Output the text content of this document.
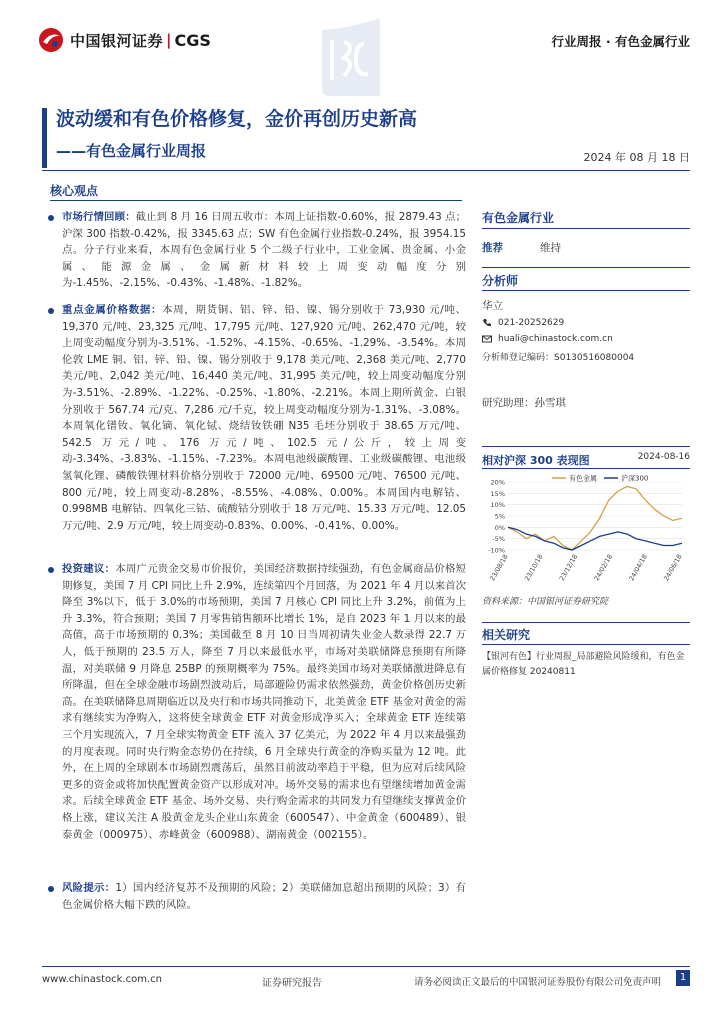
中国银河证券 | CGS	行业周报 · 有色金属行业
波动缓和有色价格修复，金价再创历史新高
——有色金属行业周报	2024 年 08 月 18 日
核心观点
市场行情回顾：截止到 8 月 16 日周五收市：本周上证指数-0.60%，报 2879.43 点；沪深 300 指数-0.42%，报 3345.63 点；SW 有色金属行业指数-0.24%，报 3954.15 点。分子行业来看，本周有色金属行业 5 个二级子行业中，工业金属、贵金属、小金属、能源金属、金属新材料较上周变动幅度分别为-1.45%、-2.15%、-0.43%、-1.48%、-1.82%。
重点金属价格数据：本周，期货铜、铝、锌、铅、镍、锡分别收于 73,930 元/吨、19,370 元/吨、23,325 元/吨、17,795 元/吨、127,920 元/吨、262,470 元/吨，较上周变动幅度分别为-3.51%、-1.52%、-4.15%、-0.65%、-1.29%、-3.54%。本周伦敦 LME 铜、铝、锌、铅、镍、锡分别收于 9,178 美元/吨、2,368 美元/吨、2,770 美元/吨、2,042 美元/吨、16,440 美元/吨、31,995 美元/吨，较上周变动幅度分别为-3.51%、-2.89%、-1.22%、-0.25%、-1.80%、-2.21%。本周上期所黄金、白银分别收于 567.74 元/克、7,286 元/千克，较上周变动幅度分别为-1.31%、-3.08%。本周氧化镨钕、氧化镝、氧化铽、烧结钕铁硼 N35 毛坯分别收于 38.65 万元/吨、542.5 万元/吨、176 万元/吨、102.5 元/公斤，较上周变动-3.34%、-3.83%、-1.15%、-7.23%。本周电池级碳酸锂、工业级碳酸锂、电池级氢氧化锂、磷酸铁锂材料价格分别收于 72000 元/吨、69500 元/吨、76500 元/吨、800 元/吨，较上周变动-8.28%、-8.55%、-4.08%、0.00%。本周国内电解钴、0.998MB 电解钴、四氧化三钴、硫酸钴分别收于 18 万元/吨、15.33 万元/吨、12.05 万元/吨、2.9 万元/吨，较上周变动-0.83%、0.00%、-0.41%、0.00%。
投资建议：本周广元贵金交易市价报价，美国经济数据持续强劲，有色金属商品价格短期修复，美国 7 月 CPI 同比上升 2.9%，连续第四个月回落，为 2021 年 4 月以来首次降至 3%以下，低于 3.0%的市场预期，美国 7 月核心 CPI 同比上升 3.2%，前值为上升 3.3%，符合预期；美国 7 月零售销售额环比增长 1%，是自 2023 年 1 月以来的最高值，高于市场预期的 0.3%；美国截至 8 月 10 日当周初请失业金人数录得 22.7 万人，低于预期的 23.5 万人，降至 7 月以来最低水平，市场对美联储降息预期有所降温，对美联储 9 月降息 25BP 的预期概率为 75%。最终美国市场对美联储激进降息有所降温，但在全球金融市场剧烈波动后，局部避险仍需求依然强劲，黄金价格创历史新高。在美联储降息周期临近以及央行和市场共同推动下，北美黄金 ETF 基金对黄金的需求有继续实为净购入，这将使全球黄金 ETF 对黄金形成净买入；全球黄金 ETF 连续第三个月实现流入，7 月全球实物黄金 ETF 流入 37 亿美元，为 2022 年 4 月以来最强劲的月度表现。同时央行购金态势仍在持续，6 月全球央行黄金的净购买量为 12 吨。此外，在上周的全球剧本市场剧烈震荡后，虽然目前波动率趋于平稳，但为应对后续风险更多的资金或将加快配置黄金资产以形成对冲。场外交易的需求也有望继续增加黄金需求。后续全球黄金 ETF 基金、场外交易、央行购金需求的共同发力有望继续支撑黄金价格上涨，建议关注 A 股黄金龙头企业山东黄金（600547）、中金黄金（600489）、银泰黄金（000975）、赤峰黄金（600988）、湖南黄金（002155）。
风险提示：1）国内经济复苏不及预期的风险；2）美联储加息超出预期的风险；3）有色金属价格大幅下跌的风险。
有色金属行业
推荐	维持
分析师
华立
021-20252629
huali@chinastock.com.cn
分析师登记编码：S0130516080004
研究助理：孙雪琪
相对沪深 300 表现图	2024-08-16
-10%
-5%
0%
5%
10%
15%
20%
23/08/18 23/10/18 23/12/18 24/02/18 24/04/18 24/06/18
有色金属	沪深300
资料来源：中国银河证券研究院
相关研究
【银河有色】行业周报_局部避险风险缓和，有色金属价格修复 20240811
www.chinastock.com.cn	证券研究报告	请务必阅读正文最后的中国银河证券股份有限公司免责声明	1
